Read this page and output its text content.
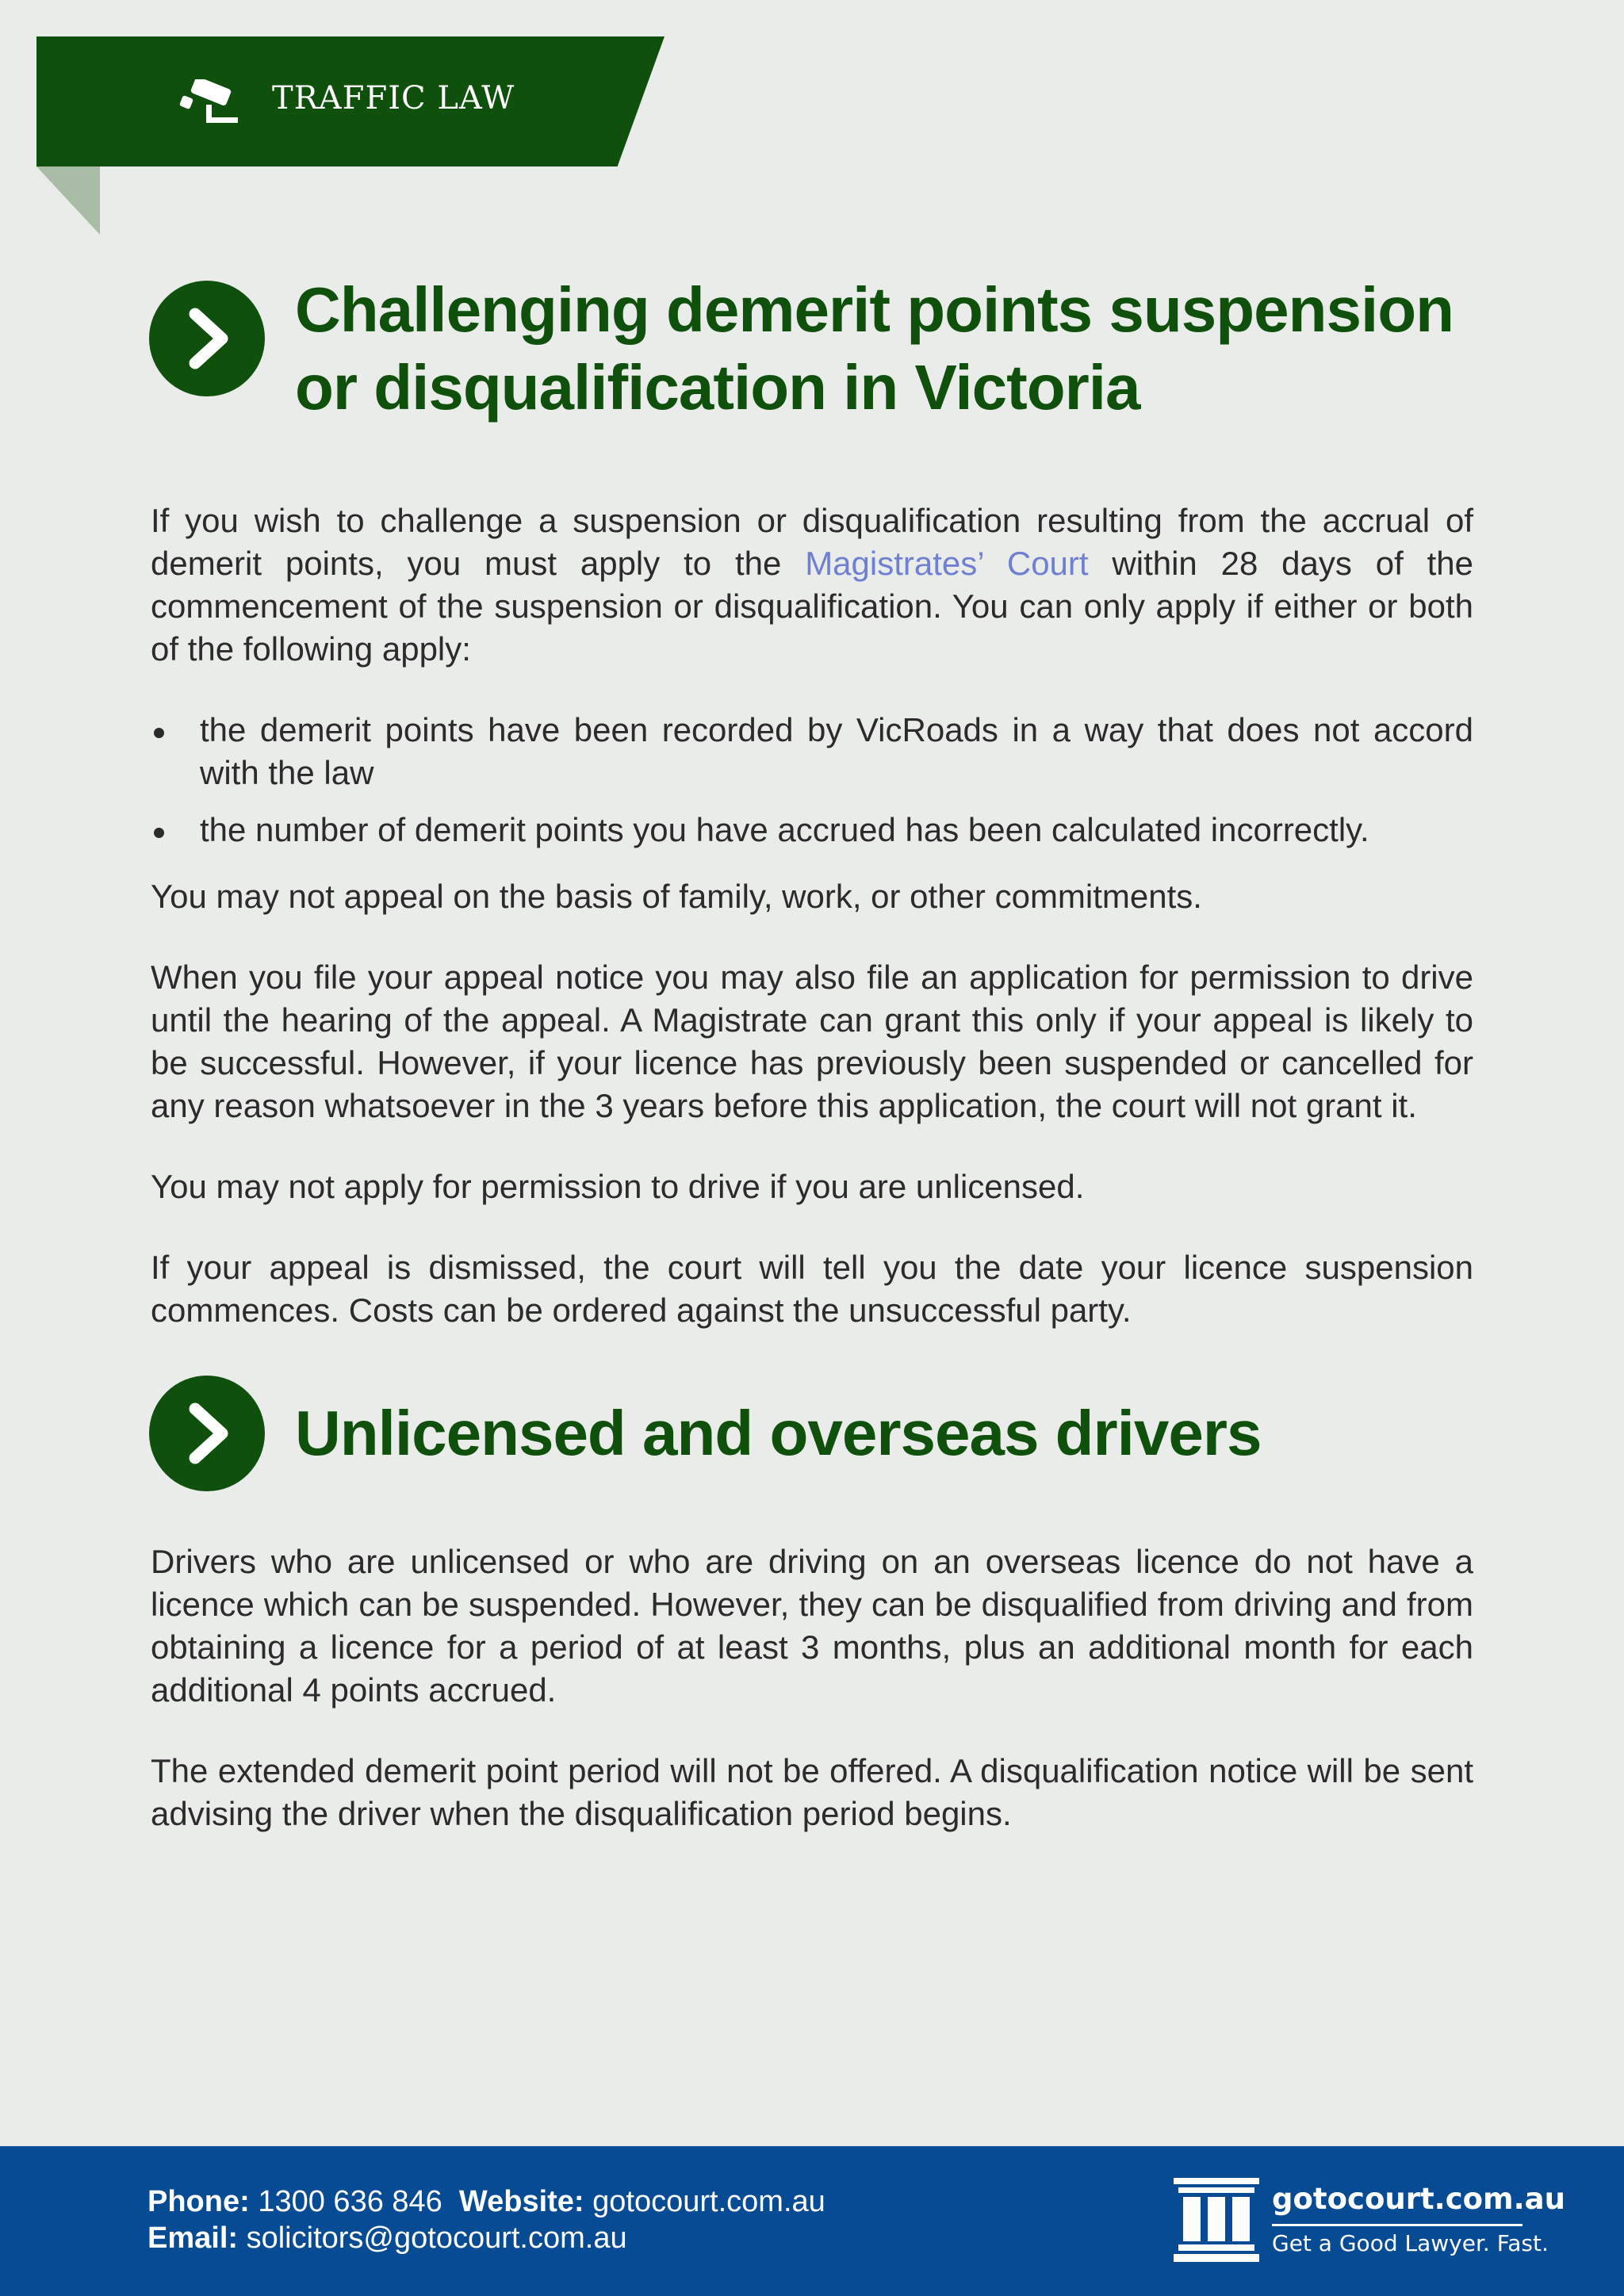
TRAFFIC LAW
Challenging demerit points suspension
or disqualification in Victoria

If you wish to challenge a suspension or disqualification resulting from the accrual of demerit points, you must apply to the Magistrates’ Court within 28 days of the commencement of the suspension or disqualification. You can only apply if either or both of the following apply:

the demerit points have been recorded by VicRoads in a way that does not accord with the law
the number of demerit points you have accrued has been calculated incorrectly.

You may not appeal on the basis of family, work, or other commitments.

When you file your appeal notice you may also file an application for permission to drive until the hearing of the appeal. A Magistrate can grant this only if your appeal is likely to be successful. However, if your licence has previously been suspended or cancelled for any reason whatsoever in the 3 years before this application, the court will not grant it.

You may not apply for permission to drive if you are unlicensed.

If your appeal is dismissed, the court will tell you the date your licence suspension commences. Costs can be ordered against the unsuccessful party.

Unlicensed and overseas drivers

Drivers who are unlicensed or who are driving on an overseas licence do not have a licence which can be suspended. However, they can be disqualified from driving and from obtaining a licence for a period of at least 3 months, plus an additional month for each additional 4 points accrued.

The extended demerit point period will not be offered. A disqualification notice will be sent advising the driver when the disqualification period begins.

Phone: 1300 636 846 Website: gotocourt.com.au
Email: solicitors@gotocourt.com.au
gotocourt.com.au
Get a Good Lawyer. Fast.
